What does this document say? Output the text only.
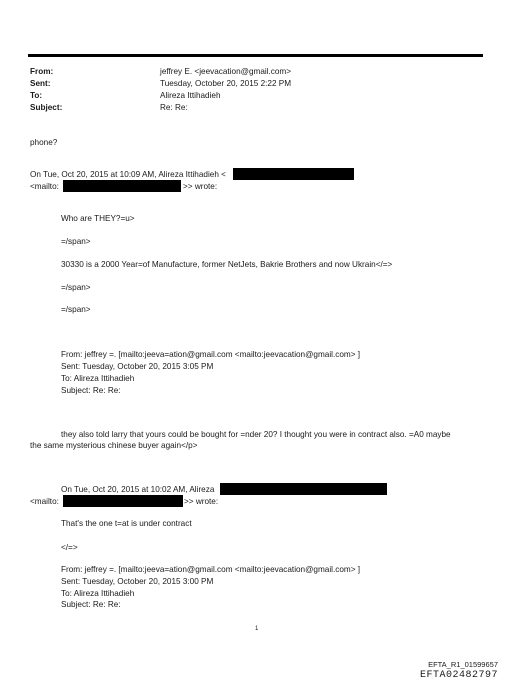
From:
Sent:
To:
Subject:
jeffrey E. <jeevacation@gmail.com>
Tuesday, October 20, 2015 2:22 PM
Alireza Ittihadieh
Re: Re:
phone?
On Tue, Oct 20, 2015 at 10:09 AM, Alireza Ittihadieh <
<mailto:	>> wrote:
Who are THEY?=u>
=/span>
30330 is a 2000 Year=of Manufacture, former NetJets, Bakrie Brothers and now Ukrain</=>
=/span>
=/span>
From: jeffrey =. [mailto:jeeva=ation@gmail.com <mailto:jeevacation@gmail.com> ]
Sent: Tuesday, October 20, 2015 3:05 PM
To: Alireza Ittihadieh
Subject: Re: Re:
they also told larry that yours could be bought for =nder 20? I thought you were in contract also. =A0 maybe
the same mysterious chinese buyer again</p>
On Tue, Oct 20, 2015 at 10:02 AM, Alireza
<mailto:	>> wrote:
That's the one t=at is under contract
</=>
From: jeffrey =. [mailto:jeeva=ation@gmail.com <mailto:jeevacation@gmail.com> ]
Sent: Tuesday, October 20, 2015 3:00 PM
To: Alireza Ittihadieh
Subject: Re: Re:
1
EFTA_R1_01599657
EFTA02482797
